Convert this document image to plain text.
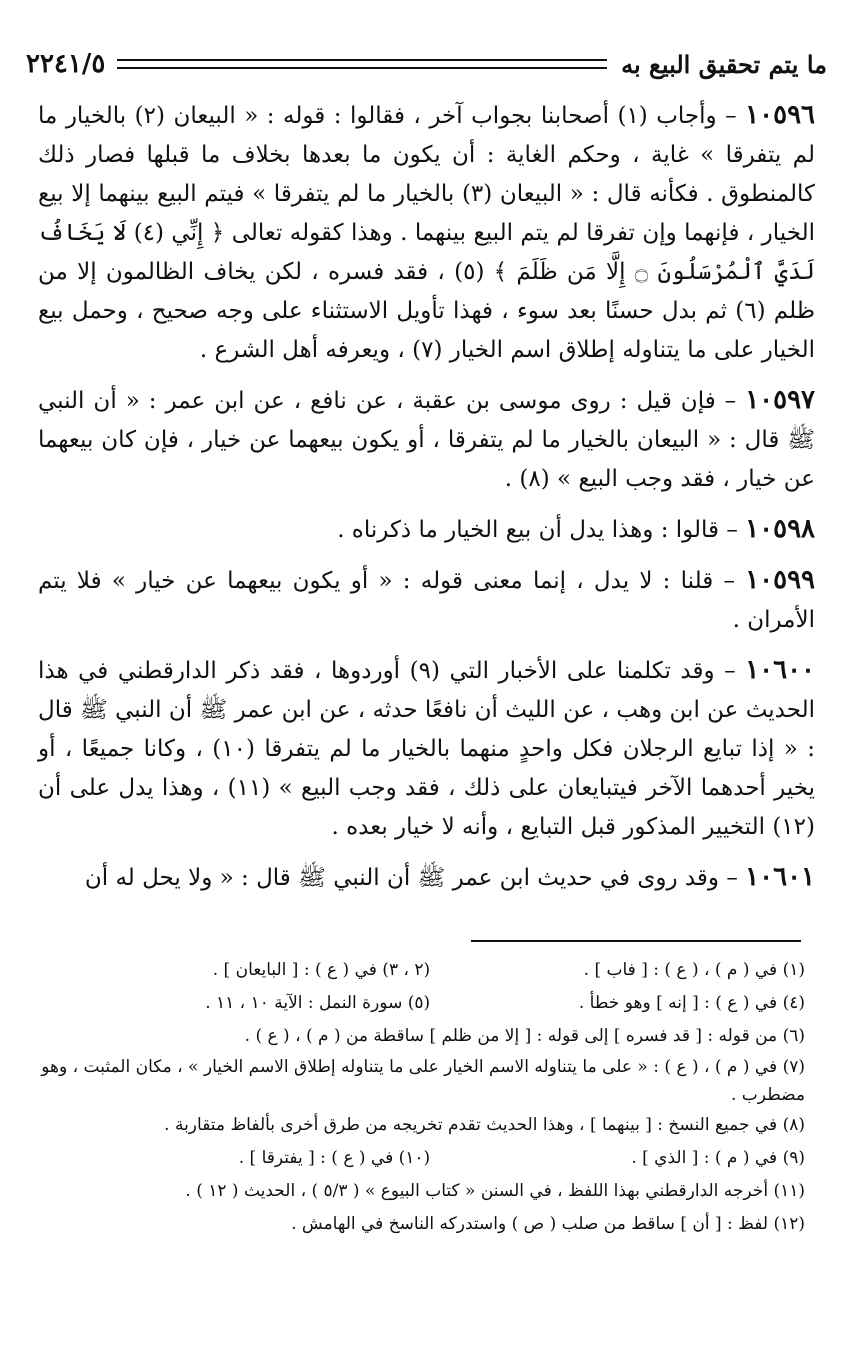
ما يتم تحقيق البيع به
٢٢٤١/٥

١٠٥٩٦ – وأجاب (١) أصحابنا بجواب آخر ، فقالوا : قوله : « البيعان (٢) بالخيار ما لم يتفرقا » غاية ، وحكم الغاية : أن يكون ما بعدها بخلاف ما قبلها فصار ذلك كالمنطوق . فكأنه قال : « البيعان (٣) بالخيار ما لم يتفرقا » فيتم البيع بينهما إلا بيع الخيار ، فإنهما وإن تفرقا لم يتم البيع بينهما . وهذا كقوله تعالى ﴿ إِنِّي (٤) لَا يَخَافُ لَدَيَّ ٱلْمُرْسَلُونَ ۝ إِلَّا مَن ظَلَمَ ﴾ (٥) ، فقد فسره ، لكن يخاف الظالمون إلا من ظلم (٦) ثم بدل حسنًا بعد سوء ، فهذا تأويل الاستثناء على وجه صحيح ، وحمل بيع الخيار على ما يتناوله إطلاق اسم الخيار (٧) ، ويعرفه أهل الشرع .

١٠٥٩٧ – فإن قيل : روى موسى بن عقبة ، عن نافع ، عن ابن عمر : « أن النبي ﷺ قال : « البيعان بالخيار ما لم يتفرقا ، أو يكون بيعهما عن خيار ، فإن كان بيعهما عن خيار ، فقد وجب البيع » (٨) .

١٠٥٩٨ – قالوا : وهذا يدل أن بيع الخيار ما ذكرناه .

١٠٥٩٩ – قلنا : لا يدل ، إنما معنى قوله : « أو يكون بيعهما عن خيار » فلا يتم الأمران .

١٠٦٠٠ – وقد تكلمنا على الأخبار التي (٩) أوردوها ، فقد ذكر الدارقطني في هذا الحديث عن ابن وهب ، عن الليث أن نافعًا حدثه ، عن ابن عمر ﷺ أن النبي ﷺ قال : « إذا تبايع الرجلان فكل واحدٍ منهما بالخيار ما لم يتفرقا (١٠) ، وكانا جميعًا ، أو يخير أحدهما الآخر فيتبايعان على ذلك ، فقد وجب البيع » (١١) ، وهذا يدل على أن (١٢) التخيير المذكور قبل التبايع ، وأنه لا خيار بعده .

١٠٦٠١ – وقد روى في حديث ابن عمر ﷺ أن النبي ﷺ قال : « ولا يحل له أن

(١) في ( م ) ، ( ع ) : [ فاب ] .
(٢ ، ٣) في ( ع ) : [ البايعان ] .
(٤) في ( ع ) : [ إنه ] وهو خطأ .
(٥) سورة النمل : الآية ١٠ ، ١١ .

(٦) من قوله : [ قد فسره ] إلى قوله : [ إلا من ظلم ] ساقطة من ( م ) ، ( ع ) .

(٧) في ( م ) ، ( ع ) : « على ما يتناوله الاسم الخيار على ما يتناوله إطلاق الاسم الخيار » ، مكان المثبت ، وهو مضطرب .

(٨) في جميع النسخ : [ بينهما ] ، وهذا الحديث تقدم تخريجه من طرق أخرى بألفاظ متقاربة .

(٩) في ( م ) : [ الذي ] .
(١٠) في ( ع ) : [ يفترقا ] .

(١١) أخرجه الدارقطني بهذا اللفظ ، في السنن « كتاب البيوع » ( ٥/٣ ) ، الحديث ( ١٢ ) .

(١٢) لفظ : [ أن ] ساقط من صلب ( ص ) واستدركه الناسخ في الهامش .
